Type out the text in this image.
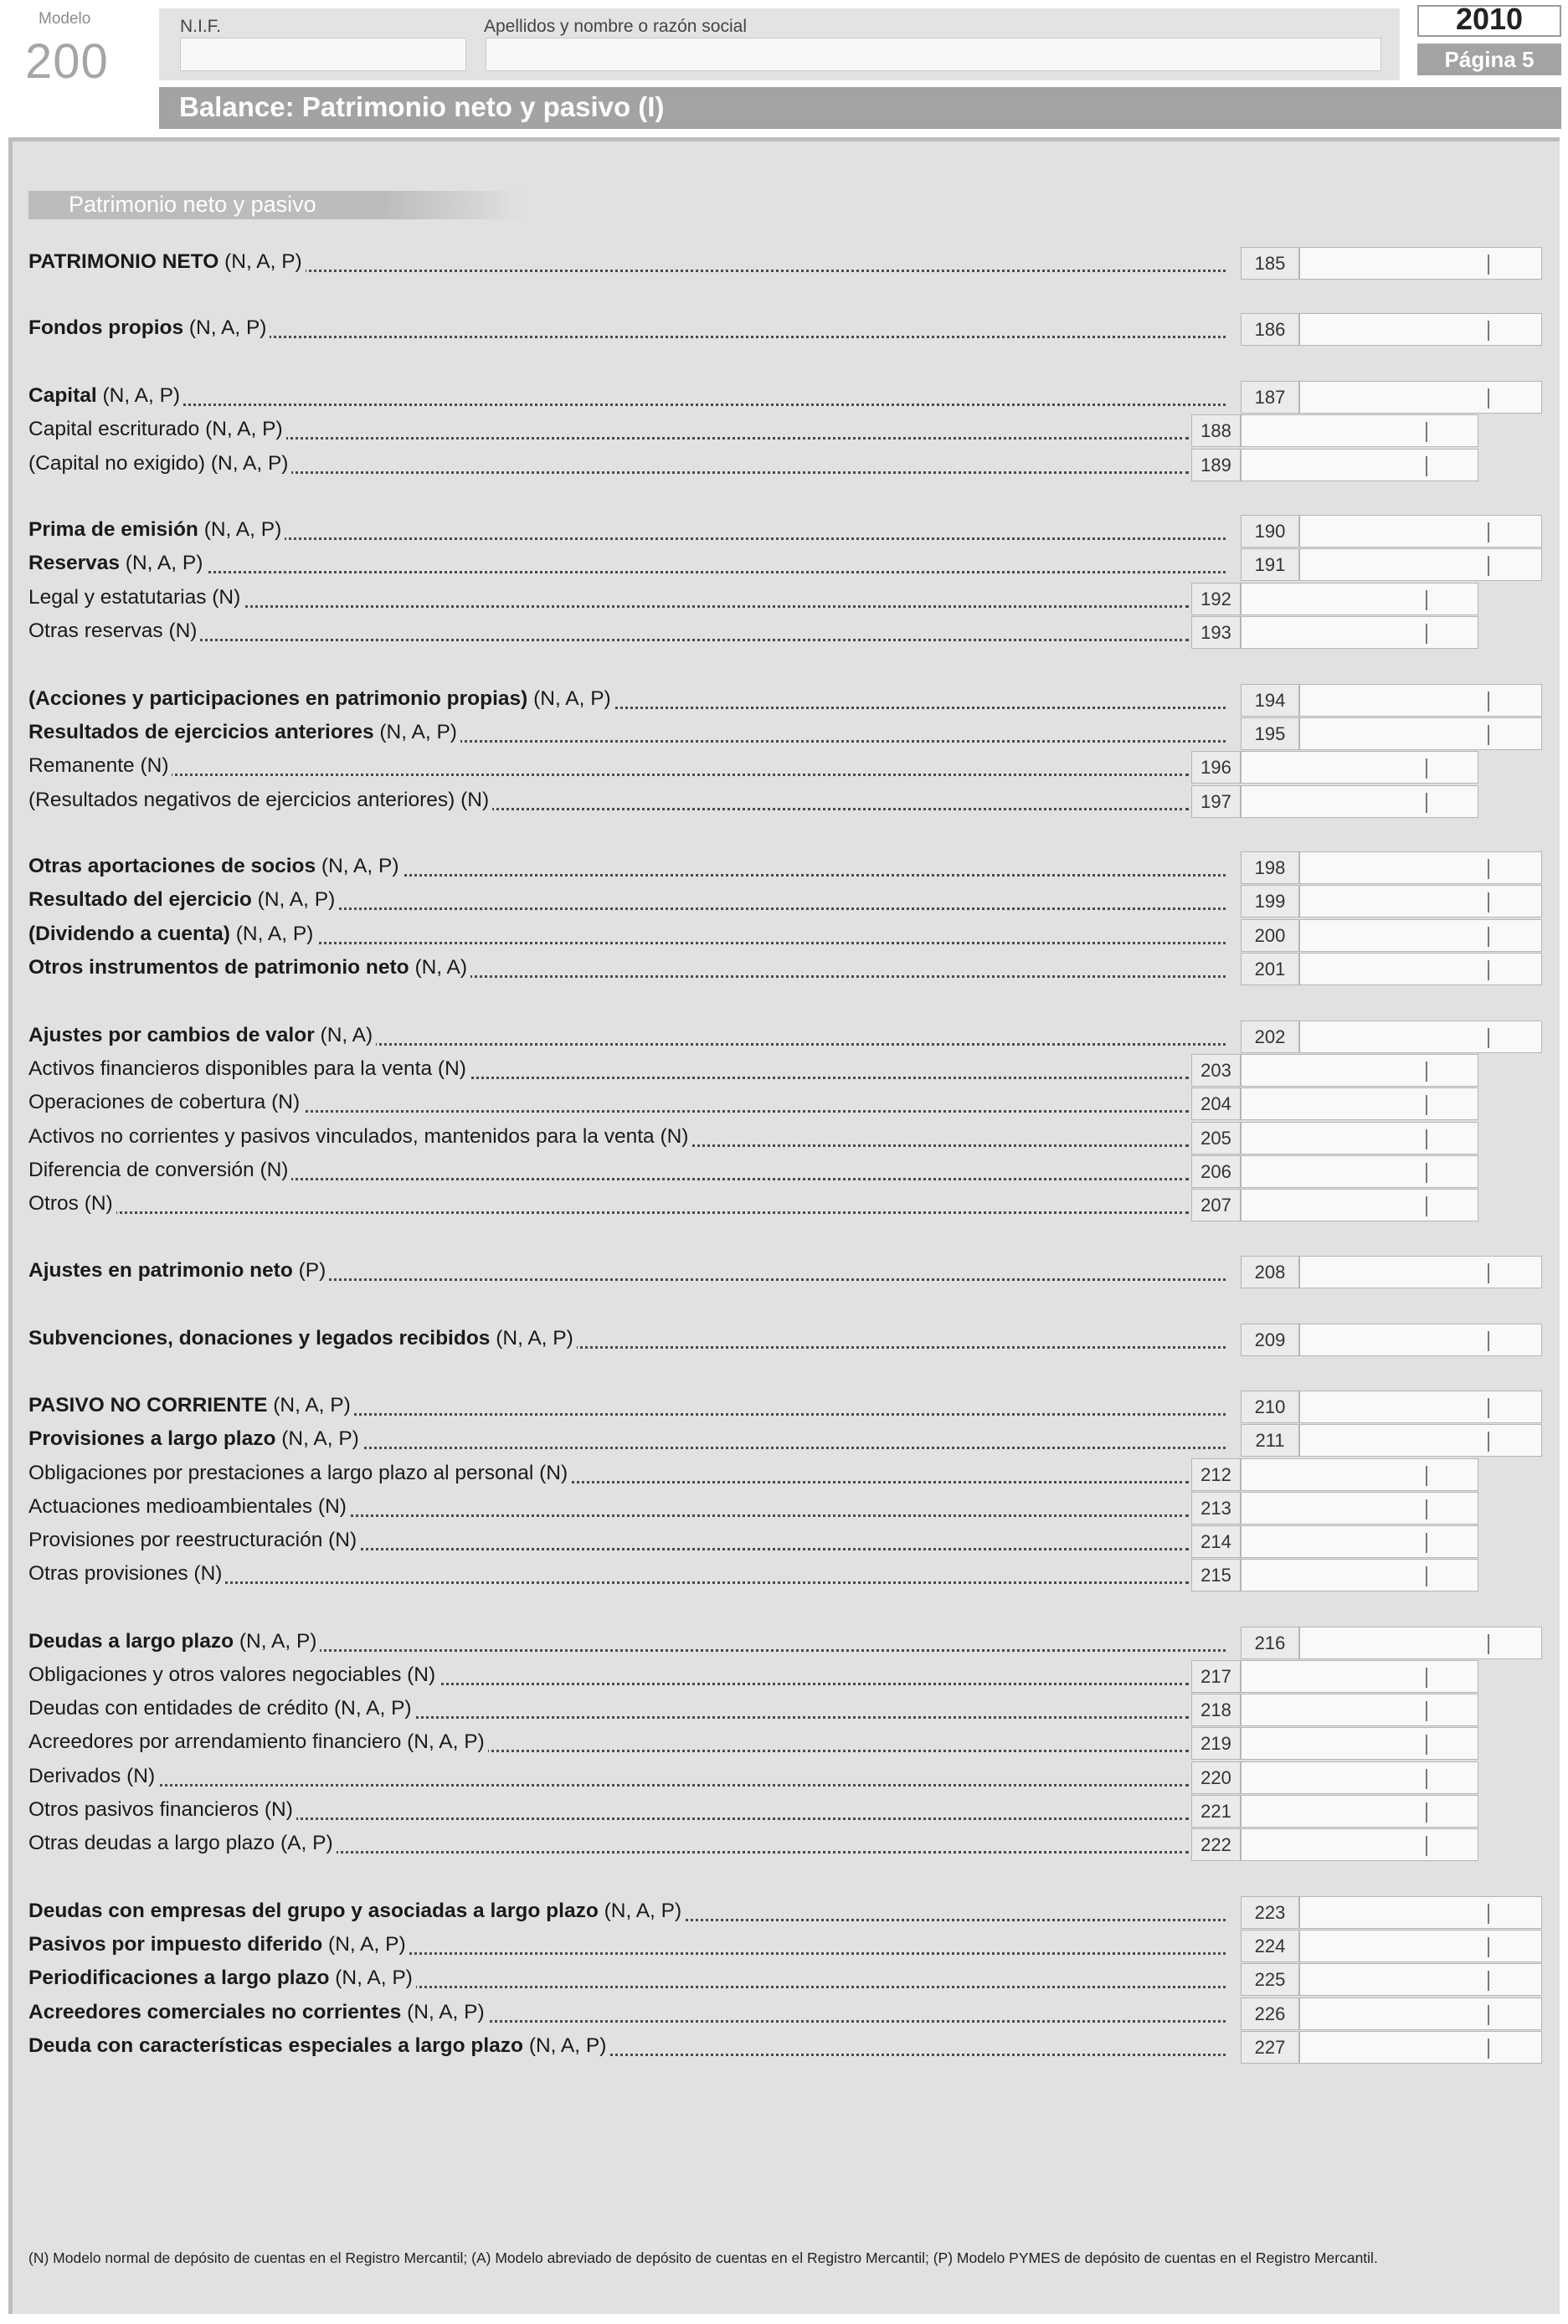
Modelo
200
N.I.F.	Apellidos y nombre o razón social	2010
Página 5
Balance: Patrimonio neto y pasivo (I)
Patrimonio neto y pasivo
PATRIMONIO NETO (N, A, P)	185
Fondos propios (N, A, P)	186
Capital (N, A, P)	187
Capital escriturado (N, A, P)	188
(Capital no exigido) (N, A, P)	189
Prima de emisión (N, A, P)	190
Reservas (N, A, P)	191
Legal y estatutarias (N)	192
Otras reservas (N)	193
(Acciones y participaciones en patrimonio propias) (N, A, P)	194
Resultados de ejercicios anteriores (N, A, P)	195
Remanente (N)	196
(Resultados negativos de ejercicios anteriores) (N)	197
Otras aportaciones de socios (N, A, P)	198
Resultado del ejercicio (N, A, P)	199
(Dividendo a cuenta) (N, A, P)	200
Otros instrumentos de patrimonio neto (N, A)	201
Ajustes por cambios de valor (N, A)	202
Activos financieros disponibles para la venta (N)	203
Operaciones de cobertura (N)	204
Activos no corrientes y pasivos vinculados, mantenidos para la venta (N)	205
Diferencia de conversión (N)	206
Otros (N)	207
Ajustes en patrimonio neto (P)	208
Subvenciones, donaciones y legados recibidos (N, A, P)	209
PASIVO NO CORRIENTE (N, A, P)	210
Provisiones a largo plazo (N, A, P)	211
Obligaciones por prestaciones a largo plazo al personal (N)	212
Actuaciones medioambientales (N)	213
Provisiones por reestructuración (N)	214
Otras provisiones (N)	215
Deudas a largo plazo (N, A, P)	216
Obligaciones y otros valores negociables (N)	217
Deudas con entidades de crédito (N, A, P)	218
Acreedores por arrendamiento financiero (N, A, P)	219
Derivados (N)	220
Otros pasivos financieros (N)	221
Otras deudas a largo plazo (A, P)	222
Deudas con empresas del grupo y asociadas a largo plazo (N, A, P)	223
Pasivos por impuesto diferido (N, A, P)	224
Periodificaciones a largo plazo (N, A, P)	225
Acreedores comerciales no corrientes (N, A, P)	226
Deuda con características especiales a largo plazo (N, A, P)	227
(N) Modelo normal de depósito de cuentas en el Registro Mercantil; (A) Modelo abreviado de depósito de cuentas en el Registro Mercantil; (P) Modelo PYMES de depósito de cuentas en el Registro Mercantil.
